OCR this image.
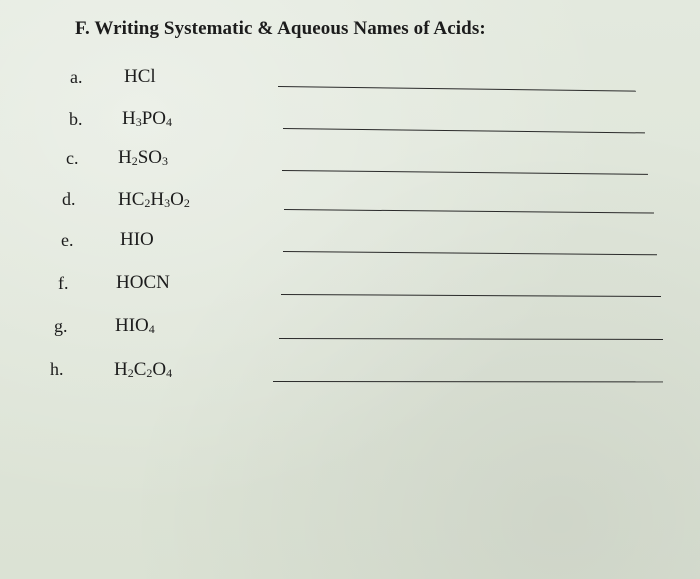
F. Writing Systematic & Aqueous Names of Acids:
a. HCl
b. $H_3PO_4$
c. $H_2SO_3$
d. $HC_2H_3O_2$
e. HIO
f.	HOCN
g.	$HIO_4$
h.	$H_2C_2O_4$
